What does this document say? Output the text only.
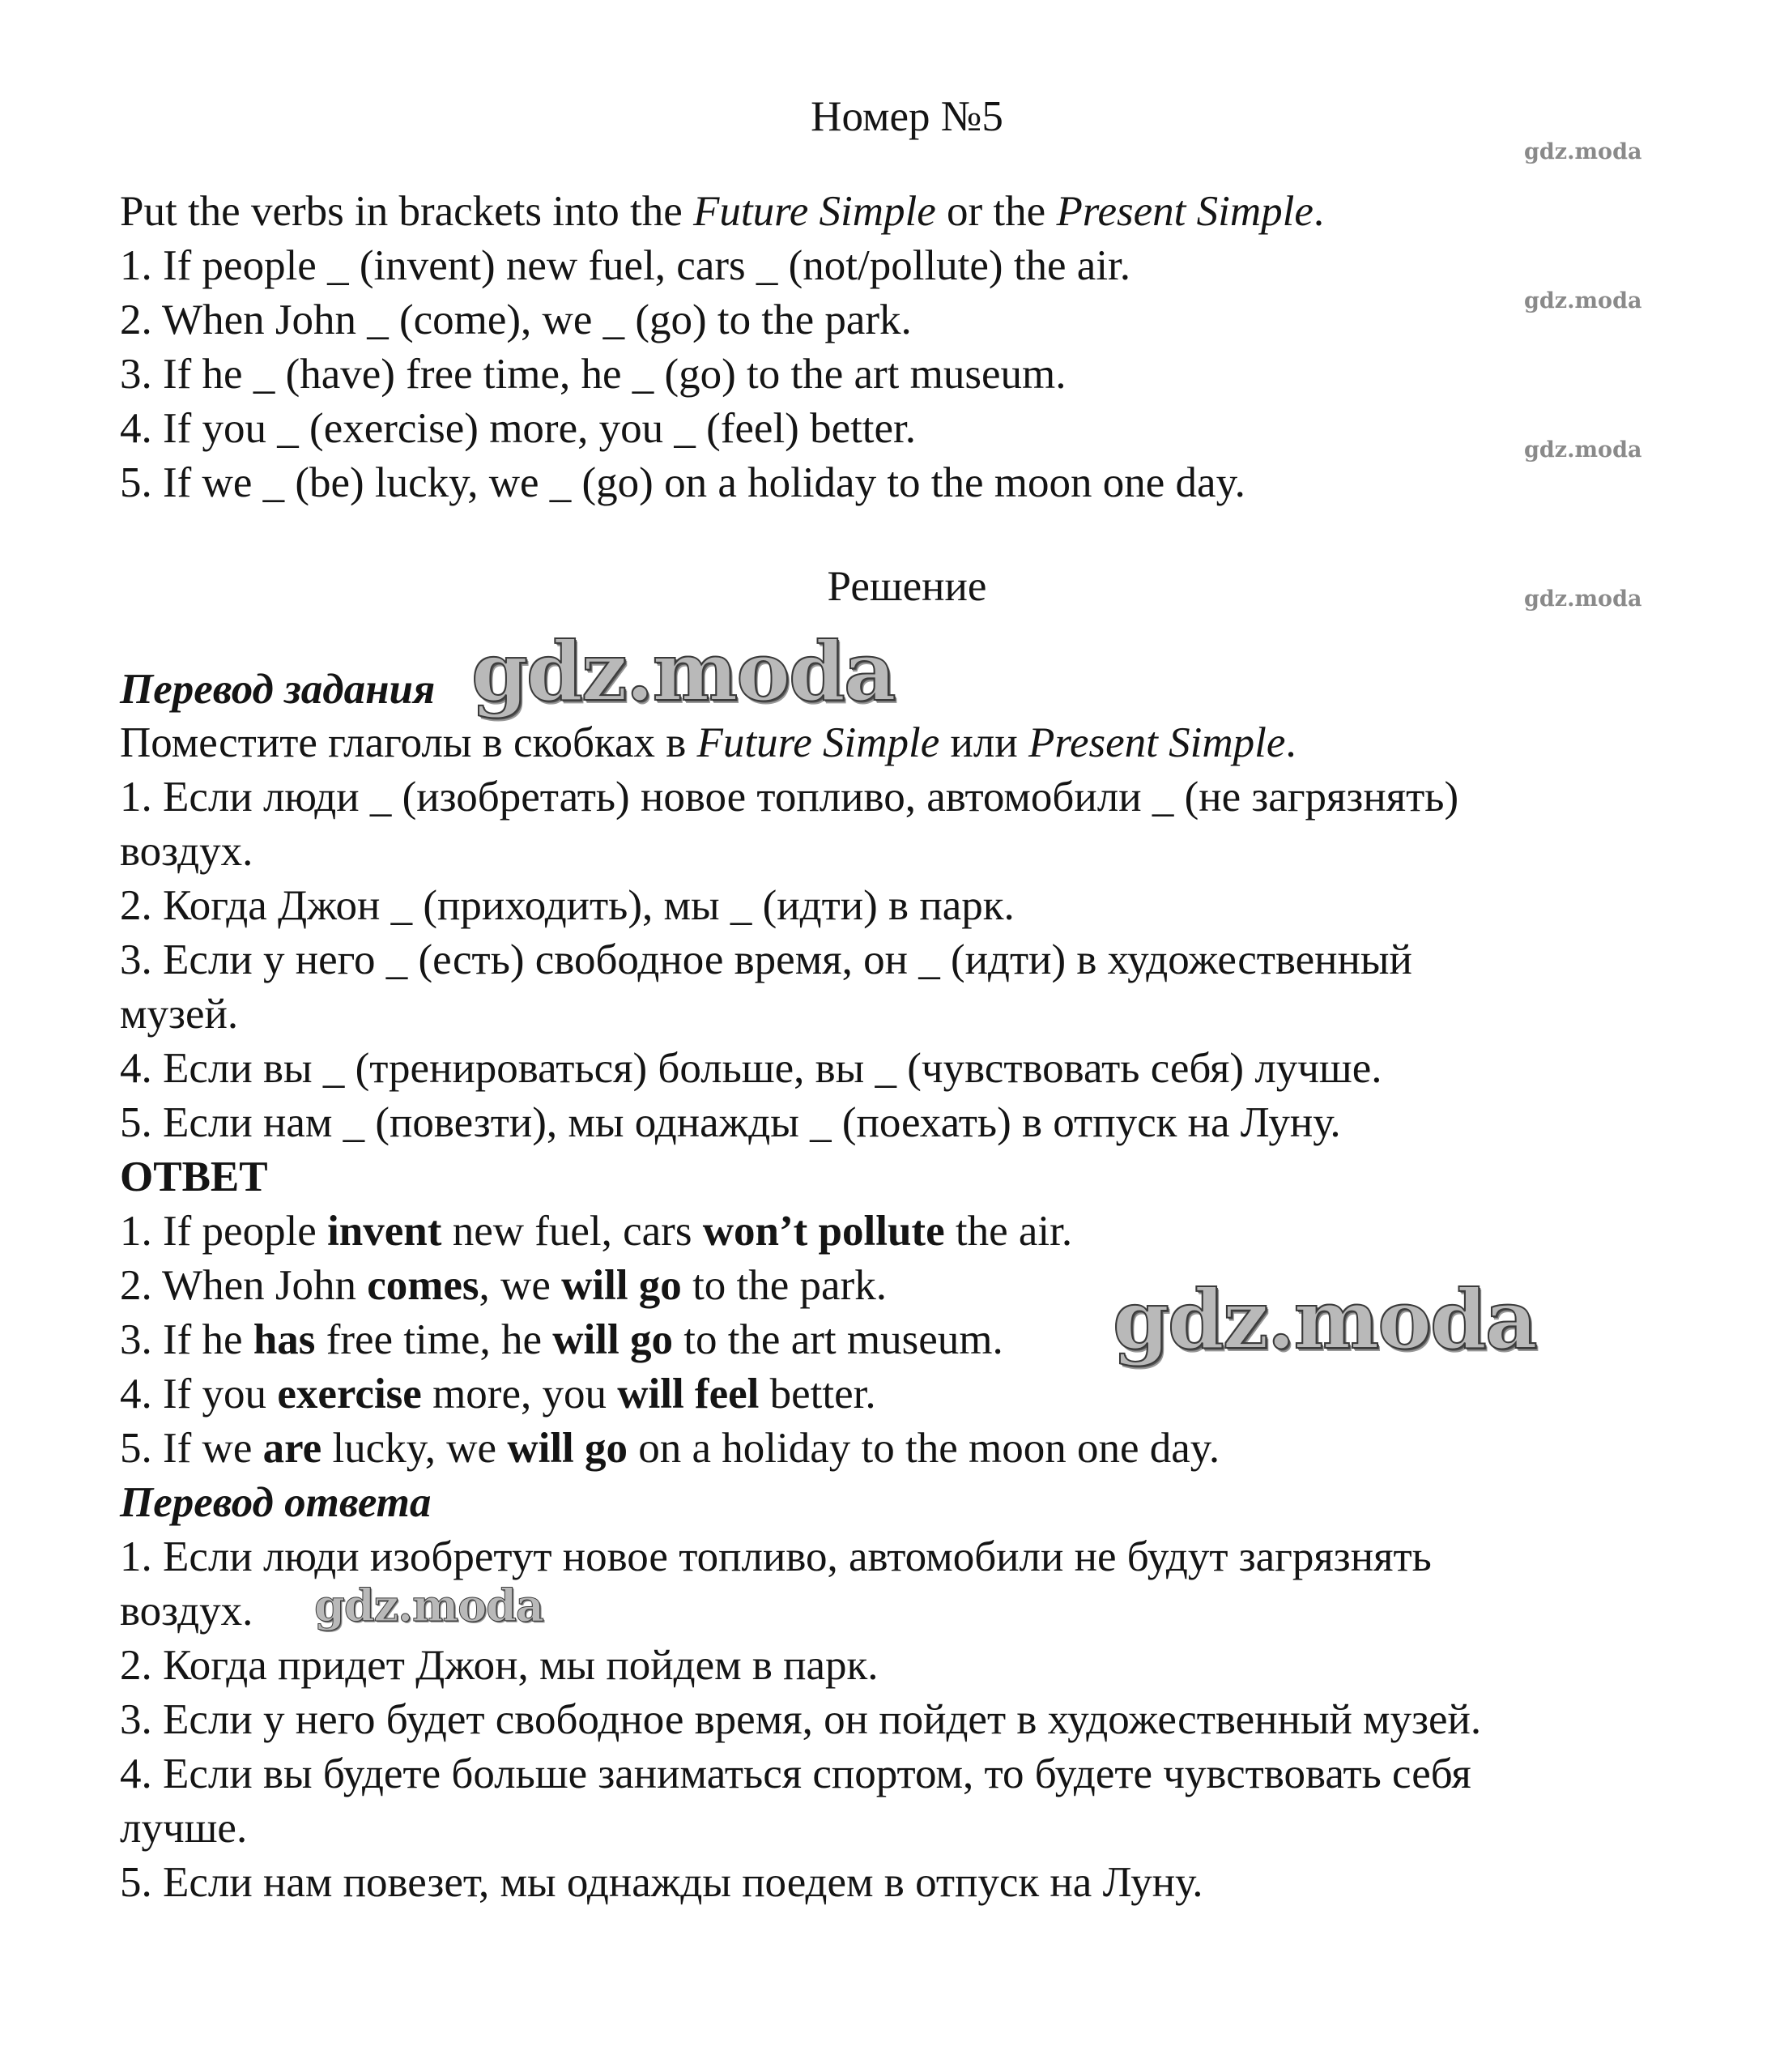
Номер №5
Put the verbs in brackets into the Future Simple or the Present Simple.
1. If people _ (invent) new fuel, cars _ (not/pollute) the air.
2. When John _ (come), we _ (go) to the park.
3. If he _ (have) free time, he _ (go) to the art museum.
4. If you _ (exercise) more, you _ (feel) better.
5. If we _ (be) lucky, we _ (go) on a holiday to the moon one day.
Решение
Перевод задания
Поместите глаголы в скобках в Future Simple или Present Simple.
1. Если люди _ (изобретать) новое топливо, автомобили _ (не загрязнять)
воздух.
2. Когда Джон _ (приходить), мы _ (идти) в парк.
3. Если у него _ (есть) свободное время, он _ (идти) в художественный
музей.
4. Если вы _ (тренироваться) больше, вы _ (чувствовать себя) лучше.
5. Если нам _ (повезти), мы однажды _ (поехать) в отпуск на Луну.
ОТВЕТ
1. If people invent new fuel, cars won’t pollute the air.
2. When John comes, we will go to the park.
3. If he has free time, he will go to the art museum.
4. If you exercise more, you will feel better.
5. If we are lucky, we will go on a holiday to the moon one day.
Перевод ответа
1. Если люди изобретут новое топливо, автомобили не будут загрязнять
воздух.
2. Когда придет Джон, мы пойдем в парк.
3. Если у него будет свободное время, он пойдет в художественный музей.
4. Если вы будете больше заниматься спортом, то будете чувствовать себя
лучше.
5. Если нам повезет, мы однажды поедем в отпуск на Луну.
gdz.moda
gdz.moda
gdz.moda
gdz.moda
gdz.moda
gdz.moda
gdz.moda
